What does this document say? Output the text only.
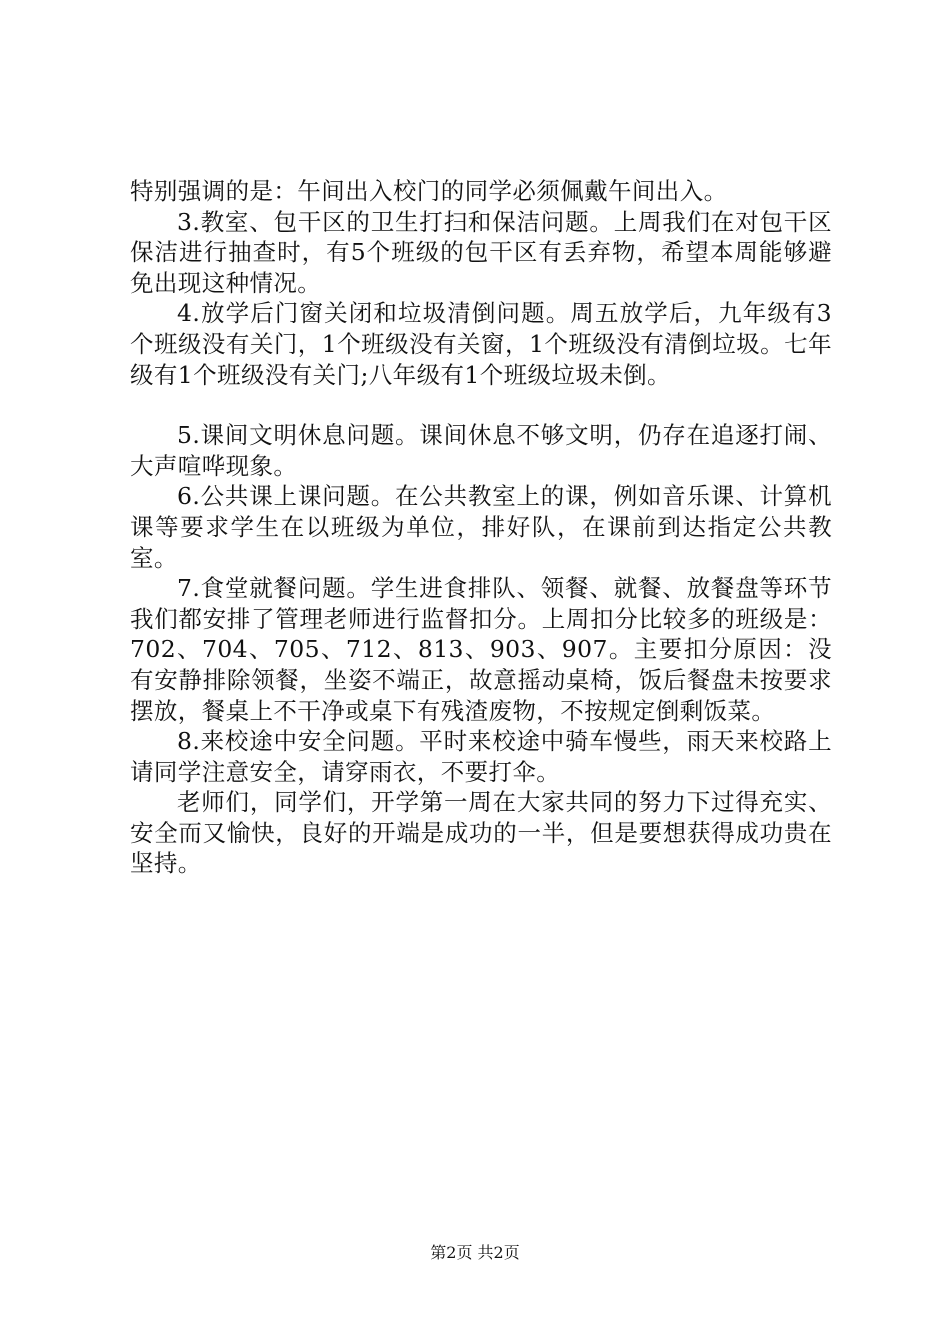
特别强调的是：午间出入校门的同学必须佩戴午间出入。

3.教室、包干区的卫生打扫和保洁问题。上周我们在对包干区保洁进行抽查时，有5个班级的包干区有丢弃物，希望本周能够避免出现这种情况。

4.放学后门窗关闭和垃圾清倒问题。周五放学后，九年级有3个班级没有关门，1个班级没有关窗，1个班级没有清倒垃圾。七年级有1个班级没有关门;八年级有1个班级垃圾未倒。

5.课间文明休息问题。课间休息不够文明，仍存在追逐打闹、大声喧哗现象。

6.公共课上课问题。在公共教室上的课，例如音乐课、计算机课等要求学生在以班级为单位，排好队，在课前到达指定公共教室。

7.食堂就餐问题。学生进食排队、领餐、就餐、放餐盘等环节我们都安排了管理老师进行监督扣分。上周扣分比较多的班级是：702、704、705、712、813、903、907。主要扣分原因：没有安静排除领餐，坐姿不端正，故意摇动桌椅，饭后餐盘未按要求摆放，餐桌上不干净或桌下有残渣废物，不按规定倒剩饭菜。

8.来校途中安全问题。平时来校途中骑车慢些，雨天来校路上请同学注意安全，请穿雨衣，不要打伞。

老师们，同学们，开学第一周在大家共同的努力下过得充实、安全而又愉快，良好的开端是成功的一半，但是要想获得成功贵在坚持。

第2页 共2页
